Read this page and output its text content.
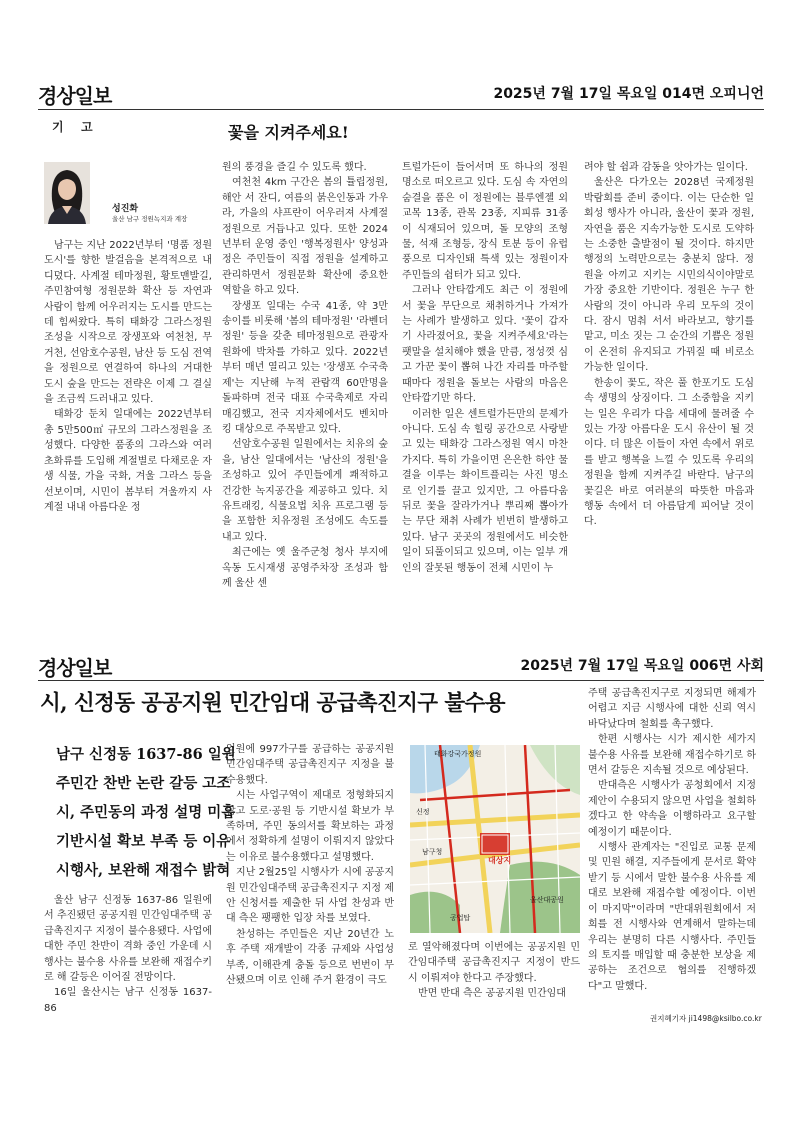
경상일보	2025년 7월 17일 목요일 014면 오피니언
기  고	꽃을 지켜주세요!
성진화
울산 남구 정원녹지과 계장

남구는 지난 2022년부터 '명품 정원도시'를 향한 발걸음을 본격적으로 내디뎠다. 사계절 테마정원, 황토맨발길, 주민참여형 정원문화 확산 등 자연과 사람이 함께 어우러지는 도시를 만드는데 힘써왔다. 특히 태화강 그라스정원 조성을 시작으로 장생포와 여천천, 무거천, 선암호수공원, 남산 등 도심 전역을 정원으로 연결하여 하나의 거대한 도시 숲을 만드는 전략은 이제 그 결실을 조금씩 드러내고 있다.

태화강 둔치 일대에는 2022년부터 총 5만500㎡ 규모의 그라스정원을 조성했다. 다양한 품종의 그라스와 여러 초화류를 도입해 계절별로 다채로운 자생 식물, 가을 국화, 겨울 그라스 등을 선보이며, 시민이 봄부터 겨울까지 사계절 내내 아름다운 정

원의 풍경을 즐길 수 있도록 했다.

여천천 4km 구간은 봄의 튤립정원, 해안 서 잔디, 여름의 붉은인동과 가우라, 가을의 샤프란이 어우러져 사계절 정원으로 거듭나고 있다. 또한 2024년부터 운영 중인 '행복정원사' 양성과정은 주민들이 직접 정원을 설계하고 관리하면서 정원문화 확산에 중요한 역할을 하고 있다.

장생포 일대는 수국 41종, 약 3만 송이를 비롯해 '봄의 테마정원' '라벤더 정원' 등을 갖춘 테마정원으로 관광자원화에 박차를 가하고 있다. 2022년부터 매년 열리고 있는 '장생포 수국축제'는 지난해 누적 관람객 60만명을 돌파하며 전국 대표 수국축제로 자리매김했고, 전국 지자체에서도 벤치마킹 대상으로 주목받고 있다.

선암호수공원 일원에서는 치유의 숲을, 남산 일대에서는 '남산의 정원'을 조성하고 있어 주민들에게 쾌적하고 건강한 녹지공간을 제공하고 있다. 치유트래킹, 식물요법 치유 프로그램 등을 포함한 치유정원 조성에도 속도를 내고 있다.

최근에는 옛 울주군청 청사 부지에 옥동 도시재생 공영주차장 조성과 함께 울산 센

트럴가든이 들어서며 또 하나의 정원 명소로 떠오르고 있다. 도심 속 자연의 숨결을 품은 이 정원에는 블루엔젤 외 교목 13종, 관목 23종, 지피류 31종이 식재되어 있으며, 돌 모양의 조형물, 석재 조형등, 장식 토분 등이 유럽풍으로 디자인돼 특색 있는 정원이자 주민들의 쉼터가 되고 있다.

그러나 안타깝게도 최근 이 정원에서 꽃을 무단으로 채취하거나 가져가는 사례가 발생하고 있다. '꽃이 갑자기 사라졌어요, 꽃을 지켜주세요'라는 팻말을 설치해야 했을 만큼, 정성껏 심고 가꾼 꽃이 뽑혀 나간 자리를 마주할 때마다 정원을 돌보는 사람의 마음은 안타깝기만 하다.

이러한 일은 센트럴가든만의 문제가 아니다. 도심 속 힐링 공간으로 사랑받고 있는 태화강 그라스정원 역시 마찬가지다. 특히 가을이면 은은한 하얀 물결을 이루는 화이트플리는 사진 명소로 인기를 끌고 있지만, 그 아름다움 뒤로 꽃을 잘라가거나 뿌리째 뽑아가는 무단 채취 사례가 빈번히 발생하고 있다. 남구 곳곳의 정원에서도 비슷한 일이 되풀이되고 있으며, 이는 일부 개인의 잘못된 행동이 전체 시민이 누

려야 할 쉼과 감동을 앗아가는 일이다.

울산은 다가오는 2028년 국제정원박람회를 준비 중이다. 이는 단순한 일회성 행사가 아니라, 울산이 꽃과 정원, 자연을 품은 지속가능한 도시로 도약하는 소중한 출발점이 될 것이다. 하지만 행정의 노력만으로는 충분치 않다. 정원을 아끼고 지키는 시민의식이야말로 가장 중요한 기반이다. 정원은 누구 한 사람의 것이 아니라 우리 모두의 것이다. 잠시 멈춰 서서 바라보고, 향기를 맡고, 미소 짓는 그 순간의 기쁨은 정원이 온전히 유지되고 가꿔질 때 비로소 가능한 일이다.

한송이 꽃도, 작은 풀 한포기도 도심 속 생명의 상징이다. 그 소중함을 지키는 일은 우리가 다음 세대에 물려줄 수 있는 가장 아름다운 도시 유산이 될 것이다. 더 많은 이들이 자연 속에서 위로를 받고 행복을 느낄 수 있도록 우리의 정원을 함께 지켜주길 바란다. 남구의 꽃길은 바로 여러분의 따뜻한 마음과 행동 속에서 더 아름답게 피어날 것이다.

경상일보	2025년 7월 17일 목요일 006면 사회
시, 신정동 공공지원 민간임대 공급촉진지구 불수용
남구 신정동 1637-86 일원
주민간 찬반 논란 갈등 고조
시, 주민동의 과정 설명 미흡
기반시설 확보 부족 등 이유
시행사, 보완해 재접수 밝혀

울산 남구 신정동 1637-86 일원에서 추진됐던 공공지원 민간임대주택 공급촉진지구 지정이 불수용됐다. 사업에 대한 주민 찬반이 격화 중인 가운데 시행사는 불수용 사유를 보완해 재접수키로 해 갈등은 이어질 전망이다.

16일 울산시는 남구 신정동 1637-86

일원에 997가구를 공급하는 공공지원 민간임대주택 공급촉진지구 지정을 불수용했다.

시는 사업구역이 제대로 정형화되지 않고 도로·공원 등 기반시설 확보가 부족하며, 주민 동의서를 확보하는 과정에서 정확하게 설명이 이뤄지지 않았다는 이유로 불수용했다고 설명했다.

지난 2월25일 시행사가 시에 공공지원 민간임대주택 공급촉진지구 지정 제안 신청서를 제출한 뒤 사업 찬성과 반대 측은 팽팽한 입장 차를 보였다.

찬성하는 주민들은 지난 20년간 노후 주택 재개발이 각종 규제와 사업성 부족, 이해관계 충돌 등으로 번번이 무산됐으며 이로 인해 주거 환경이 극도

대상지
태화강국가정원
신정
남구청
울산대공원
공업탑

로 열악해졌다며 이번에는 공공지원 민간임대주택 공급촉진지구 지정이 반드시 이뤄져야 한다고 주장했다.

반면 반대 측은 공공지원 민간임대

주택 공급촉진지구로 지정되면 해제가 어렵고 지금 시행사에 대한 신뢰 역시 바닥났다며 철회를 촉구했다.

한편 시행사는 시가 제시한 세가지 불수용 사유를 보완해 재접수하기로 하면서 갈등은 지속될 것으로 예상된다.

반대측은 시행사가 공청회에서 지정제안이 수용되지 않으면 사업을 철회하겠다고 한 약속을 이행하라고 요구할 예정이기 때문이다.

시행사 관계자는 "진입로 교통 문제 및 민원 해결, 지주들에게 문서로 확약받기 등 시에서 말한 불수용 사유를 제대로 보완해 재접수할 예정이다. 이번이 마지막"이라며 "반대위원회에서 저희를 전 시행사와 연계해서 말하는데 우리는 분명히 다른 시행사다. 주민들의 토지를 매입할 때 충분한 보상을 제공하는 조건으로 협의를 진행하겠다"고 말했다.

권지혜기자 ji1498@ksilbo.co.kr
